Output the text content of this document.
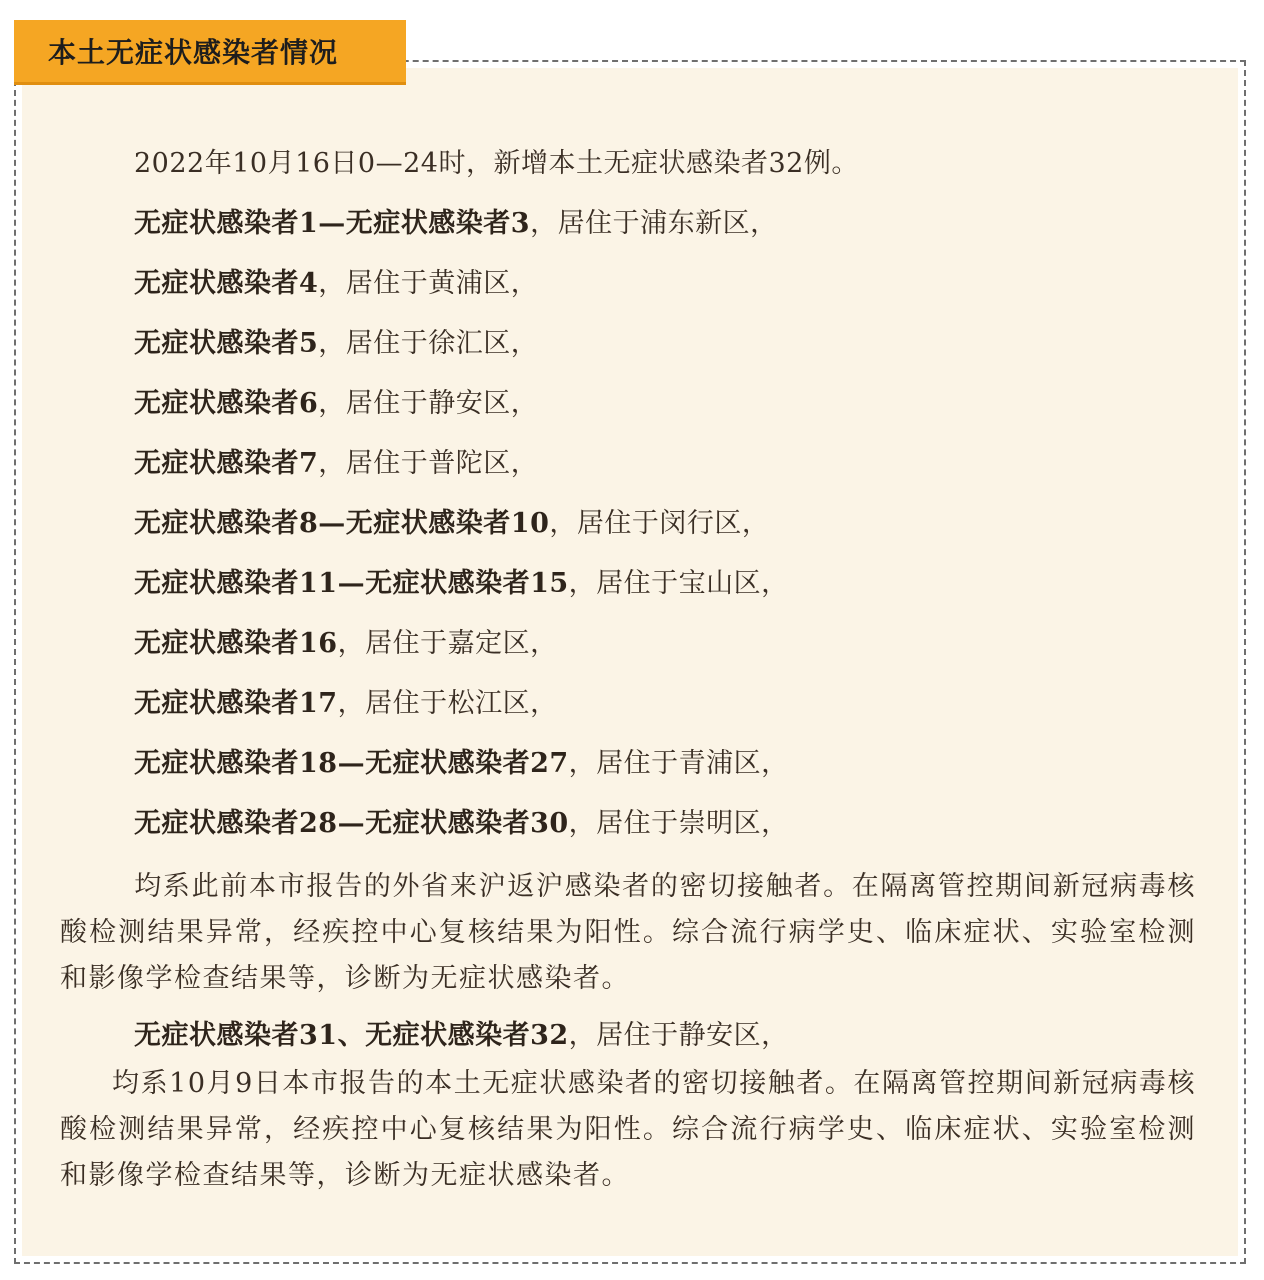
本土无症状感染者情况
2022年10月16日0—24时，新增本土无症状感染者32例。
无症状感染者1—无症状感染者3，居住于浦东新区，
无症状感染者4，居住于黄浦区，
无症状感染者5，居住于徐汇区，
无症状感染者6，居住于静安区，
无症状感染者7，居住于普陀区，
无症状感染者8—无症状感染者10，居住于闵行区，
无症状感染者11—无症状感染者15，居住于宝山区，
无症状感染者16，居住于嘉定区，
无症状感染者17，居住于松江区，
无症状感染者18—无症状感染者27，居住于青浦区，
无症状感染者28—无症状感染者30，居住于崇明区，
均系此前本市报告的外省来沪返沪感染者的密切接触者。在隔离管控期间新冠病毒核酸检测结果异常，经疾控中心复核结果为阳性。综合流行病学史、临床症状、实验室检测和影像学检查结果等，诊断为无症状感染者。
无症状感染者31、无症状感染者32，居住于静安区，
均系10月9日本市报告的本土无症状感染者的密切接触者。在隔离管控期间新冠病毒核酸检测结果异常，经疾控中心复核结果为阳性。综合流行病学史、临床症状、实验室检测和影像学检查结果等，诊断为无症状感染者。
